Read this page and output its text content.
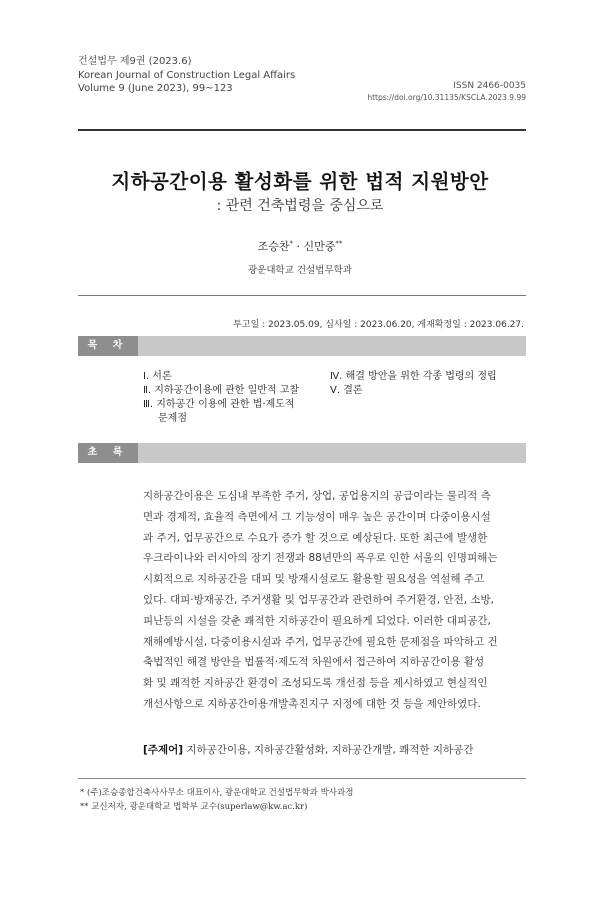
건설법무 제9권 (2023.6)
Korean Journal of Construction Legal Affairs
Volume 9 (June 2023), 99~123	ISSN 2466-0035
https://doi.org/10.31135/KSCLA.2023.9.99
지하공간이용 활성화를 위한 법적 지원방안
: 관련 건축법령을 중심으로
조승찬* · 신만중**
광운대학교 건설법무학과
투고일 : 2023.05.09, 심사일 : 2023.06.20, 게재확정일 : 2023.06.27.
목 차
Ⅰ. 서론
Ⅱ. 지하공간이용에 관한 일반적 고찰
Ⅲ. 지하공간 이용에 관한 법·제도적
문제점
Ⅳ. 해결 방안을 위한 각종 법령의 정립
Ⅴ. 결론
초 록
지하공간이용은 도심내 부족한 주거, 상업, 공업용지의 공급이라는 물리적 측
면과 경제적, 효율적 측면에서 그 기능성이 매우 높은 공간이며 다중이용시설
과 주거, 업무공간으로 수요가 증가 할 것으로 예상된다. 또한 최근에 발생한
우크라이나와 러시아의 장기 전쟁과 88년만의 폭우로 인한 서울의 인명피해는
시회적으로 지하공간을 대피 및 방재시설로도 활용할 필요성을 역설해 주고
있다. 대피·방재공간, 주거생활 및 업무공간과 관련하여 주거환경, 안전, 소방,
피난등의 시설을 갖춘 쾌적한 지하공간이 필요하게 되었다. 이러한 대피공간,
재해예방시설, 다중이용시설과 주거, 업무공간에 필요한 문제점을 파악하고 건
축법적인 해결 방안을 법률적·제도적 차원에서 접근하여 지하공간이용 활성
화 및 쾌적한 지하공간 환경이 조성되도록 개선점 등을 제시하였고 현실적인
개선사항으로 지하공간이용개발촉진지구 지정에 대한 것 등을 제안하였다.
[주제어] 지하공간이용, 지하공간활성화, 지하공간개발, 쾌적한 지하공간
* (주)조승종합건축사사무소 대표이사, 광운대학교 건설법무학과 박사과정
** 교신저자, 광운대학교 법학부 교수(superlaw@kw.ac.kr)
